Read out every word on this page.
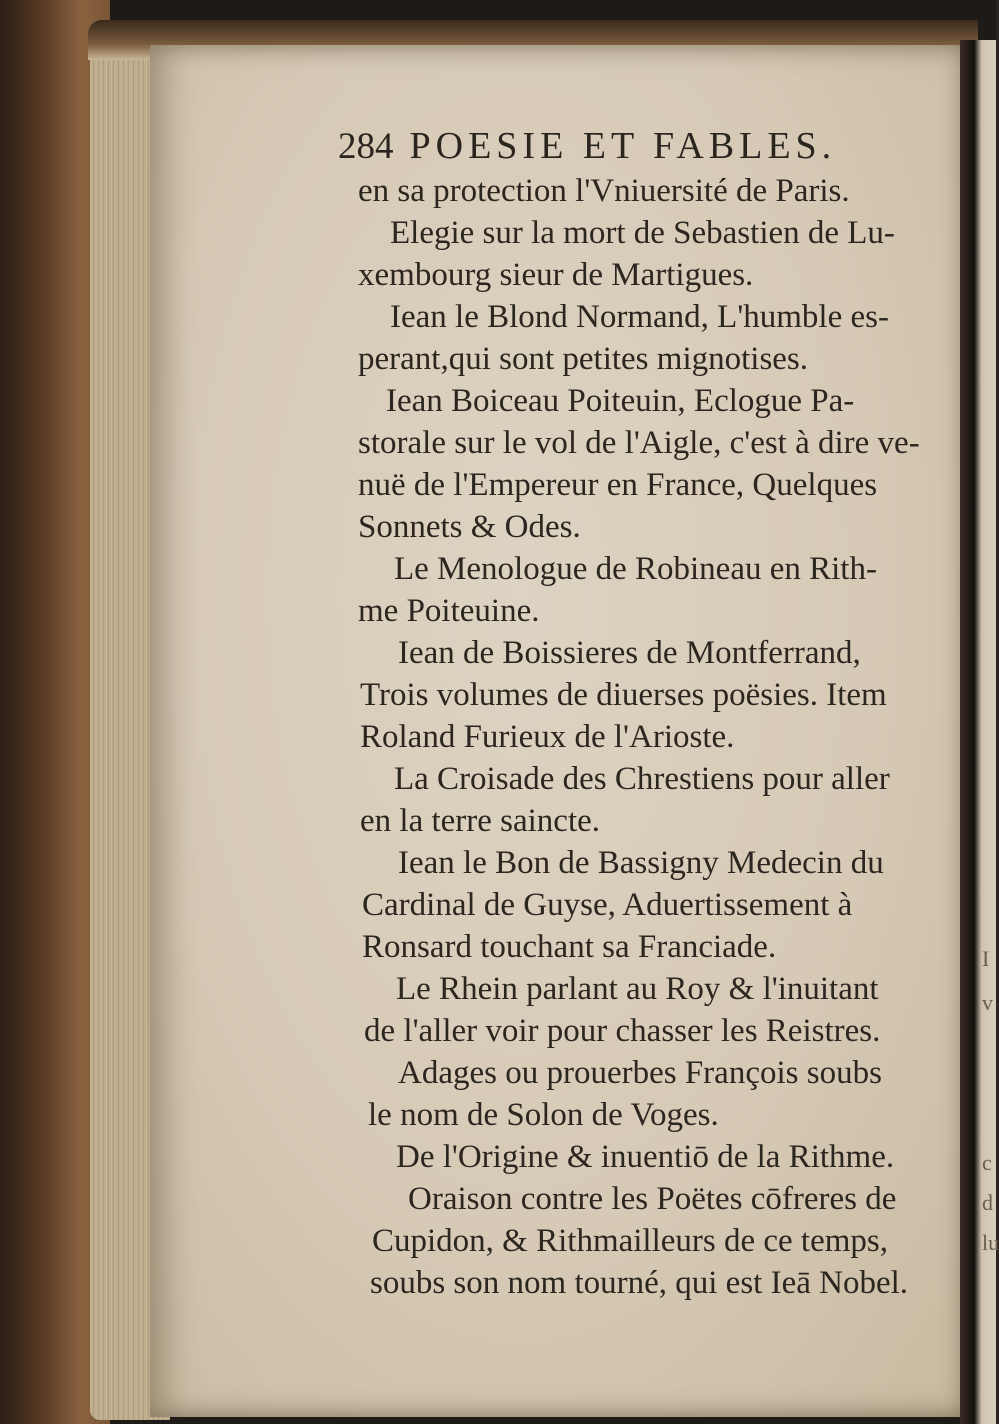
I
v
c
d
lu
284 POESIE ET FABLES.
en sa protection l'Vniuersité de Paris.
Elegie sur la mort de Sebastien de Lu-
xembourg sieur de Martigues.
Iean le Blond Normand, L'humble es-
perant,qui sont petites mignotises.
Iean Boiceau Poiteuin, Eclogue Pa-
storale sur le vol de l'Aigle, c'est à dire ve-
nuë de l'Empereur en France, Quelques
Sonnets & Odes.
Le Menologue de Robineau en Rith-
me Poiteuine.
Iean de Boissieres de Montferrand,
Trois volumes de diuerses poësies. Item
Roland Furieux de l'Arioste.
La Croisade des Chrestiens pour aller
en la terre saincte.
Iean le Bon de Bassigny Medecin du
Cardinal de Guyse, Aduertissement à
Ronsard touchant sa Franciade.
Le Rhein parlant au Roy & l'inuitant
de l'aller voir pour chasser les Reistres.
Adages ou prouerbes François soubs
le nom de Solon de Voges.
De l'Origine & inuentiō de la Rithme.
Oraison contre les Poëtes cōfreres de
Cupidon, & Rithmailleurs de ce temps,
soubs son nom tourné, qui est Ieā Nobel.
